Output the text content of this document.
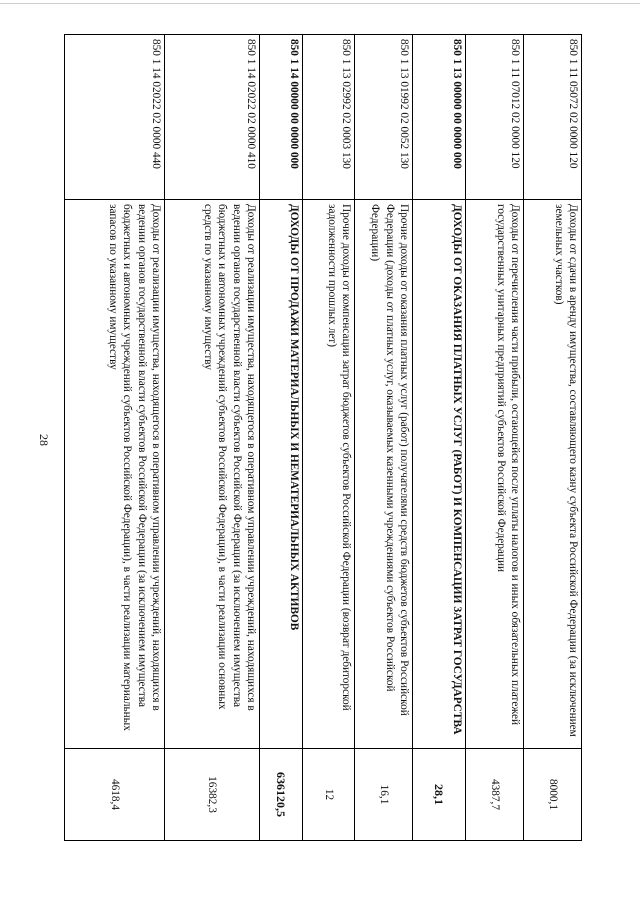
28
850 1 11 05072 02 0000 120	Доходы от сдачи в аренду имущества, составляющего казну субъекта Российской Федерации (за исключением земельных участков)	8000,1
850 1 11 07012 02 0000 120	Доходы от перечисления части прибыли, остающейся после уплаты налогов и иных обязательных платежей государственных унитарных предприятий субъектов Российской Федерации	4387,7
850 1 13 00000 00 0000 000	ДОХОДЫ ОТ ОКАЗАНИЯ ПЛАТНЫХ УСЛУГ (РАБОТ) И КОМПЕНСАЦИИ ЗАТРАТ ГОСУДАРСТВА	28,1
850 1 13 01992 02 0052 130	Прочие доходы от оказания платных услуг (работ) получателями средств бюджетов субъектов Российской Федерации (доходы от платных услуг, оказываемых казенными учреждениями субъектов Российской Федерации)	16,1
850 1 13 02992 02 0003 130	Прочие доходы от компенсации затрат бюджетов субъектов Российской Федерации (возврат дебиторской задолженности прошлых лет)	12
850 1 14 00000 00 0000 000	ДОХОДЫ ОТ ПРОДАЖИ МАТЕРИАЛЬНЫХ И НЕМАТЕРИАЛЬНЫХ АКТИВОВ	636120,5
850 1 14 02022 02 0000 410	Доходы от реализации имущества, находящегося в оперативном управлении учреждений, находящихся в ведении органов государственной власти субъектов Российской Федерации (за исключением имущества бюджетных и автономных учреждений субъектов Российской Федерации), в части реализации основных средств по указанному имуществу	16382,3
850 1 14 02022 02 0000 440	Доходы от реализации имущества, находящегося в оперативном управлении учреждений, находящихся в ведении органов государственной власти субъектов Российской Федерации (за исключением имущества бюджетных и автономных учреждений субъектов Российской Федерации), в части реализации материальных запасов по указанному имуществу	4618,4
